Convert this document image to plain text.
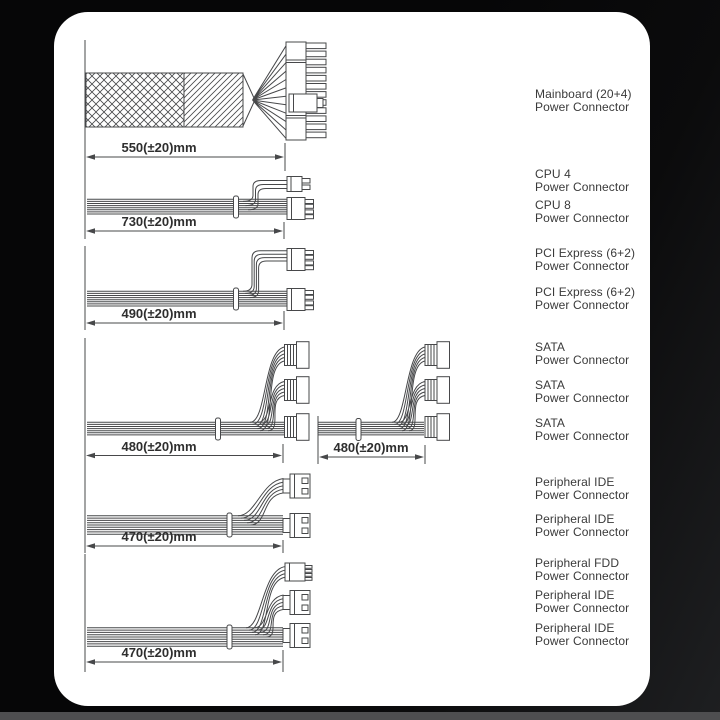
550(±20)mm
730(±20)mm
490(±20)mm
480(±20)mm	480(±20)mm
470(±20)mm
470(±20)mm
Mainboard (20+4)
Power Connector
CPU 4
Power Connector
CPU 8
Power Connector
PCI Express (6+2)
Power Connector
PCI Express (6+2)
Power Connector
SATA
Power Connector
SATA
Power Connector
SATA
Power Connector
Peripheral IDE
Power Connector
Peripheral IDE
Power Connector
Peripheral FDD
Power Connector
Peripheral IDE
Power Connector
Peripheral IDE
Power Connector
